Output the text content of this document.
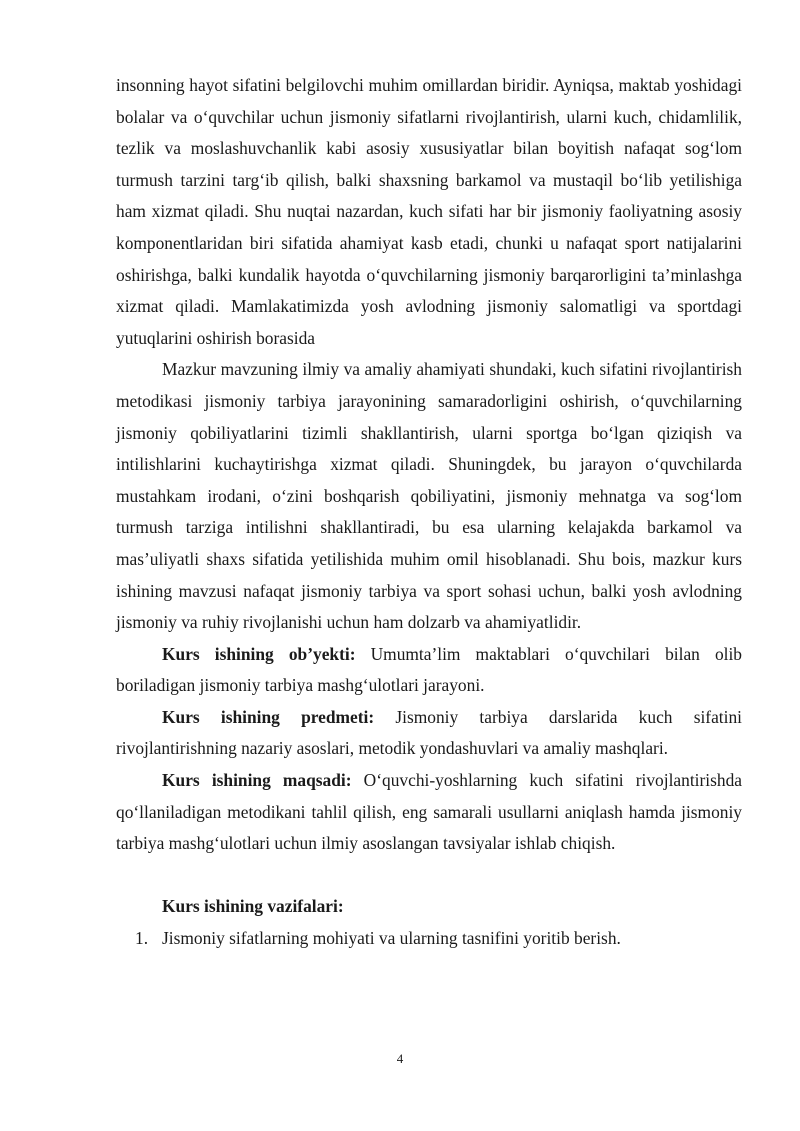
insonning hayot sifatini belgilovchi muhim omillardan biridir. Ayniqsa, maktab yoshidagi bolalar va o‘quvchilar uchun jismoniy sifatlarni rivojlantirish, ularni kuch, chidamlilik, tezlik va moslashuvchanlik kabi asosiy xususiyatlar bilan boyitish nafaqat sog‘lom turmush tarzini targ‘ib qilish, balki shaxsning barkamol va mustaqil bo‘lib yetilishiga ham xizmat qiladi. Shu nuqtai nazardan, kuch sifati har bir jismoniy faoliyatning asosiy komponentlaridan biri sifatida ahamiyat kasb etadi, chunki u nafaqat sport natijalarini oshirishga, balki kundalik hayotda o‘quvchilarning jismoniy barqarorligini ta’minlashga xizmat qiladi. Mamlakatimizda yosh avlodning jismoniy salomatligi va sportdagi yutuqlarini oshirish borasida

Mazkur mavzuning ilmiy va amaliy ahamiyati shundaki, kuch sifatini rivojlantirish metodikasi jismoniy tarbiya jarayonining samaradorligini oshirish, o‘quvchilarning jismoniy qobiliyatlarini tizimli shakllantirish, ularni sportga bo‘lgan qiziqish va intilishlarini kuchaytirishga xizmat qiladi. Shuningdek, bu jarayon o‘quvchilarda mustahkam irodani, o‘zini boshqarish qobiliyatini, jismoniy mehnatga va sog‘lom turmush tarziga intilishni shakllantiradi, bu esa ularning kelajakda barkamol va mas’uliyatli shaxs sifatida yetilishida muhim omil hisoblanadi. Shu bois, mazkur kurs ishining mavzusi nafaqat jismoniy tarbiya va sport sohasi uchun, balki yosh avlodning jismoniy va ruhiy rivojlanishi uchun ham dolzarb va ahamiyatlidir.

Kurs ishining ob’yekti: Umumta’lim maktablari o‘quvchilari bilan olib boriladigan jismoniy tarbiya mashg‘ulotlari jarayoni.

Kurs ishining predmeti: Jismoniy tarbiya darslarida kuch sifatini rivojlantirishning nazariy asoslari, metodik yondashuvlari va amaliy mashqlari.

Kurs ishining maqsadi: O‘quvchi-yoshlarning kuch sifatini rivojlantirishda qo‘llaniladigan metodikani tahlil qilish, eng samarali usullarni aniqlash hamda jismoniy tarbiya mashg‘ulotlari uchun ilmiy asoslangan tavsiyalar ishlab chiqish.

Kurs ishining vazifalari:

1. Jismoniy sifatlarning mohiyati va ularning tasnifini yoritib berish.
4
